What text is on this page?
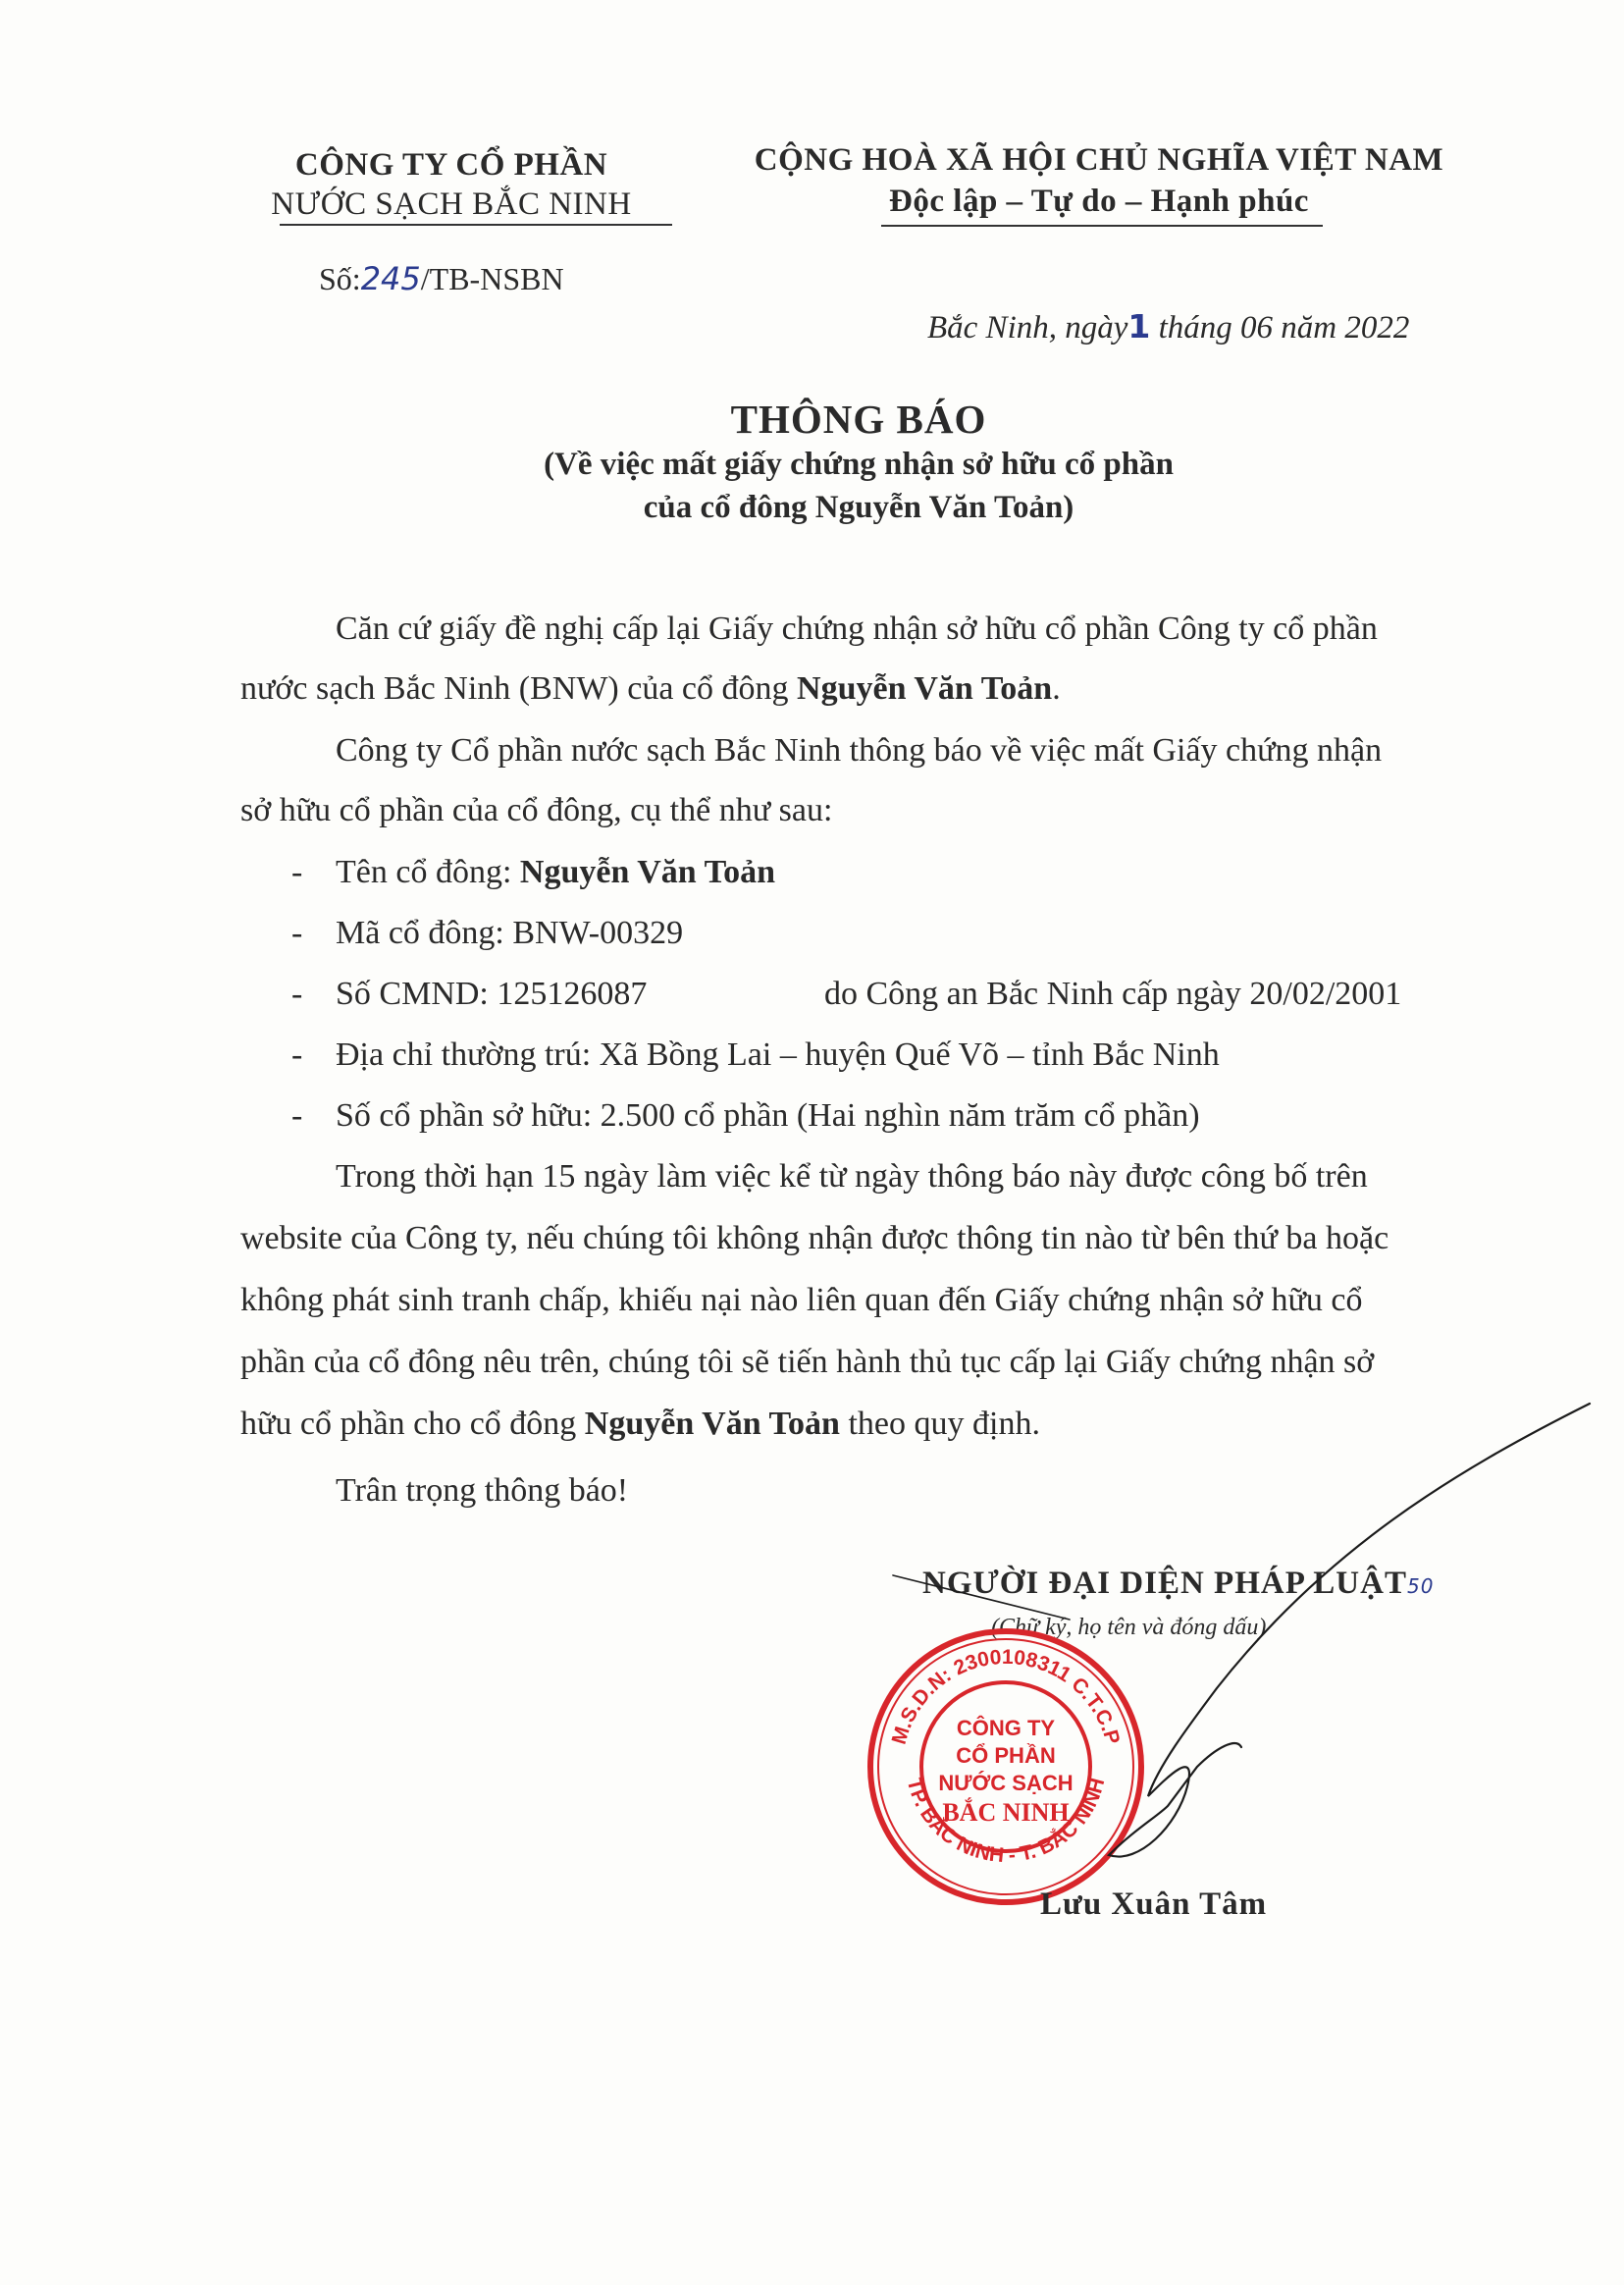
CÔNG TY CỔ PHẦN
NƯỚC SẠCH BẮC NINH
CỘNG HOÀ XÃ HỘI CHỦ NGHĨA VIỆT NAM
Độc lập – Tự do – Hạnh phúc
Số:245/TB-NSBN
Bắc Ninh, ngày1 tháng 06 năm 2022
THÔNG BÁO
(Về việc mất giấy chứng nhận sở hữu cổ phần
của cổ đông Nguyễn Văn Toản)
Căn cứ giấy đề nghị cấp lại Giấy chứng nhận sở hữu cổ phần Công ty cổ phần
nước sạch Bắc Ninh (BNW) của cổ đông Nguyễn Văn Toản.
Công ty Cổ phần nước sạch Bắc Ninh thông báo về việc mất Giấy chứng nhận
sở hữu cổ phần của cổ đông, cụ thể như sau:
- Tên cổ đông: Nguyễn Văn Toản
- Mã cổ đông: BNW-00329
- Số CMND: 125126087	do Công an Bắc Ninh cấp ngày 20/02/2001
- Địa chỉ thường trú: Xã Bồng Lai – huyện Quế Võ – tỉnh Bắc Ninh
- Số cổ phần sở hữu: 2.500 cổ phần (Hai nghìn năm trăm cổ phần)
Trong thời hạn 15 ngày làm việc kể từ ngày thông báo này được công bố trên
website của Công ty, nếu chúng tôi không nhận được thông tin nào từ bên thứ ba hoặc
không phát sinh tranh chấp, khiếu nại nào liên quan đến Giấy chứng nhận sở hữu cổ
phần của cổ đông nêu trên, chúng tôi sẽ tiến hành thủ tục cấp lại Giấy chứng nhận sở
hữu cổ phần cho cổ đông Nguyễn Văn Toản theo quy định.
Trân trọng thông báo!
NGƯỜI ĐẠI DIỆN PHÁP LUẬT50
(Chữ ký, họ tên và đóng dấu)
M.S.D.N: 2300108311 C.T.C.P
TP. BẮC NINH - T. BẮC NINH
CÔNG TY
CỔ PHẦN
NƯỚC SẠCH
BẮC NINH
Lưu Xuân Tâm
